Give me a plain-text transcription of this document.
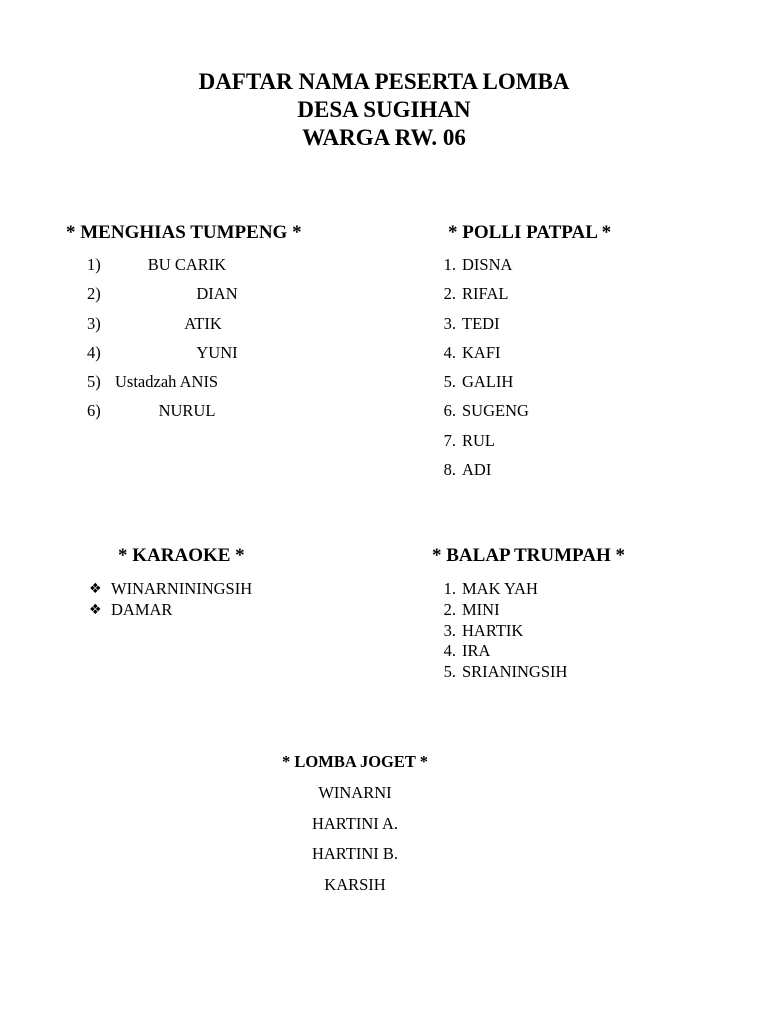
DAFTAR NAMA PESERTA LOMBA
DESA SUGIHAN
WARGA RW. 06
* MENGHIAS TUMPENG *
1)	BU CARIK
2)	DIAN
3)	ATIK
4)	YUNI
5) Ustadzah ANIS
6)	NURUL
* POLLI PATPAL *
1. DISNA
2. RIFAL
3. TEDI
4. KAFI
5. GALIH
6. SUGENG
7. RUL
8. ADI
* KARAOKE *
❖ WINARNININGSIH
❖ DAMAR
* BALAP TRUMPAH *
1. MAK YAH
2. MINI
3. HARTIK
4. IRA
5. SRIANINGSIH
* LOMBA JOGET *
WINARNI
HARTINI A.
HARTINI B.
KARSIH
